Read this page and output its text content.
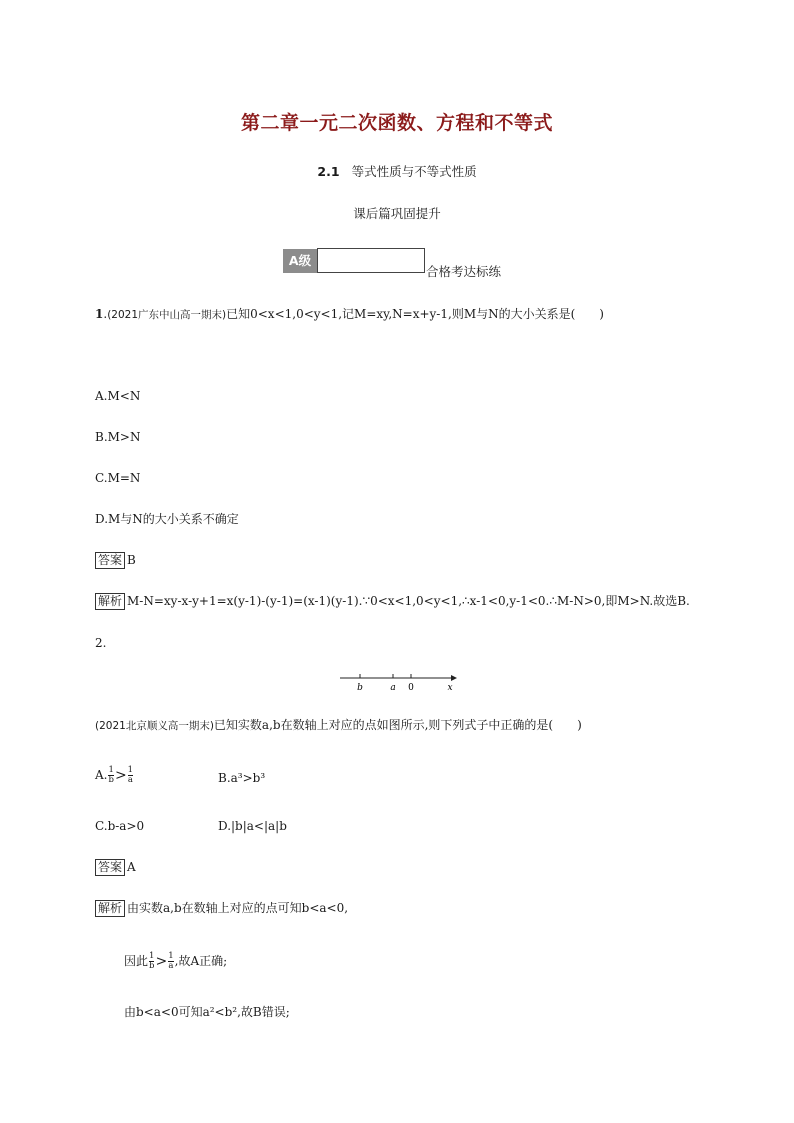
第二章一元二次函数、方程和不等式
2.1 等式性质与不等式性质
课后篇巩固提升
A级
合格考达标练
1.(2021广东中山高一期末)已知0<x<1,0<y<1,记M=xy,N=x+y-1,则M与N的大小关系是(　　)
A.M<N
B.M>N
C.M=N
D.M与N的大小关系不确定
答案 B
解析 M-N=xy-x-y+1=x(y-1)-(y-1)=(x-1)(y-1).∵0<x<1,0<y<1,∴x-1<0,y-1<0.∴M-N>0,即M>N.故选B.
2.
b	a 0	x
(2021北京顺义高一期末)已知实数a,b在数轴上对应的点如图所示,则下列式子中正确的是(　　)
A. $\frac{1}{b} > \frac{1}{a}$	B.a³>b³
C.b-a>0	D.|b|a<|a|b
答案 A
解析 由实数a,b在数轴上对应的点可知b<a<0,
因此 $\frac{1}{b} > \frac{1}{a}$ ,故A正确;
由b<a<0可知a²<b²,故B错误;
